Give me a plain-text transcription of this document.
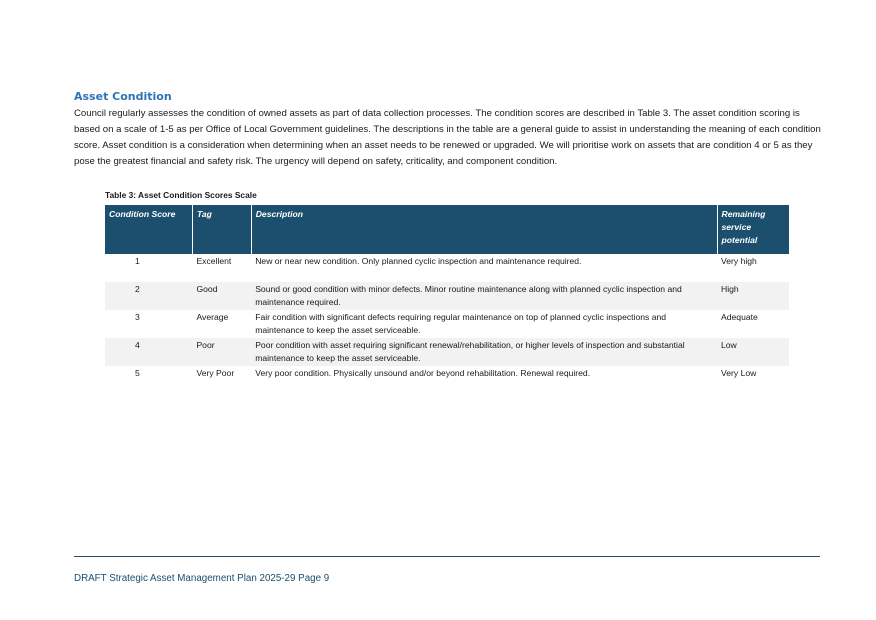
Asset Condition

Council regularly assesses the condition of owned assets as part of data collection processes. The condition scores are described in Table 3. The asset condition scoring is based on a scale of 1-5 as per Office of Local Government guidelines. The descriptions in the table are a general guide to assist in understanding the meaning of each condition score. Asset condition is a consideration when determining when an asset needs to be renewed or upgraded. We will prioritise work on assets that are condition 4 or 5 as they pose the greatest financial and safety risk. The urgency will depend on safety, criticality, and component condition.

Table 3: Asset Condition Scores Scale

Condition Score	Tag	Description	Remaining service potential
1	Excellent	New or near new condition. Only planned cyclic inspection and maintenance required.	Very high
2	Good	Sound or good condition with minor defects. Minor routine maintenance along with planned cyclic inspection and maintenance required.	High
3	Average	Fair condition with significant defects requiring regular maintenance on top of planned cyclic inspections and maintenance to keep the asset serviceable.	Adequate
4	Poor	Poor condition with asset requiring significant renewal/rehabilitation, or higher levels of inspection and substantial maintenance to keep the asset serviceable.	Low
5	Very Poor	Very poor condition. Physically unsound and/or beyond rehabilitation. Renewal required.	Very Low

DRAFT Strategic Asset Management Plan 2025-29 Page 9
